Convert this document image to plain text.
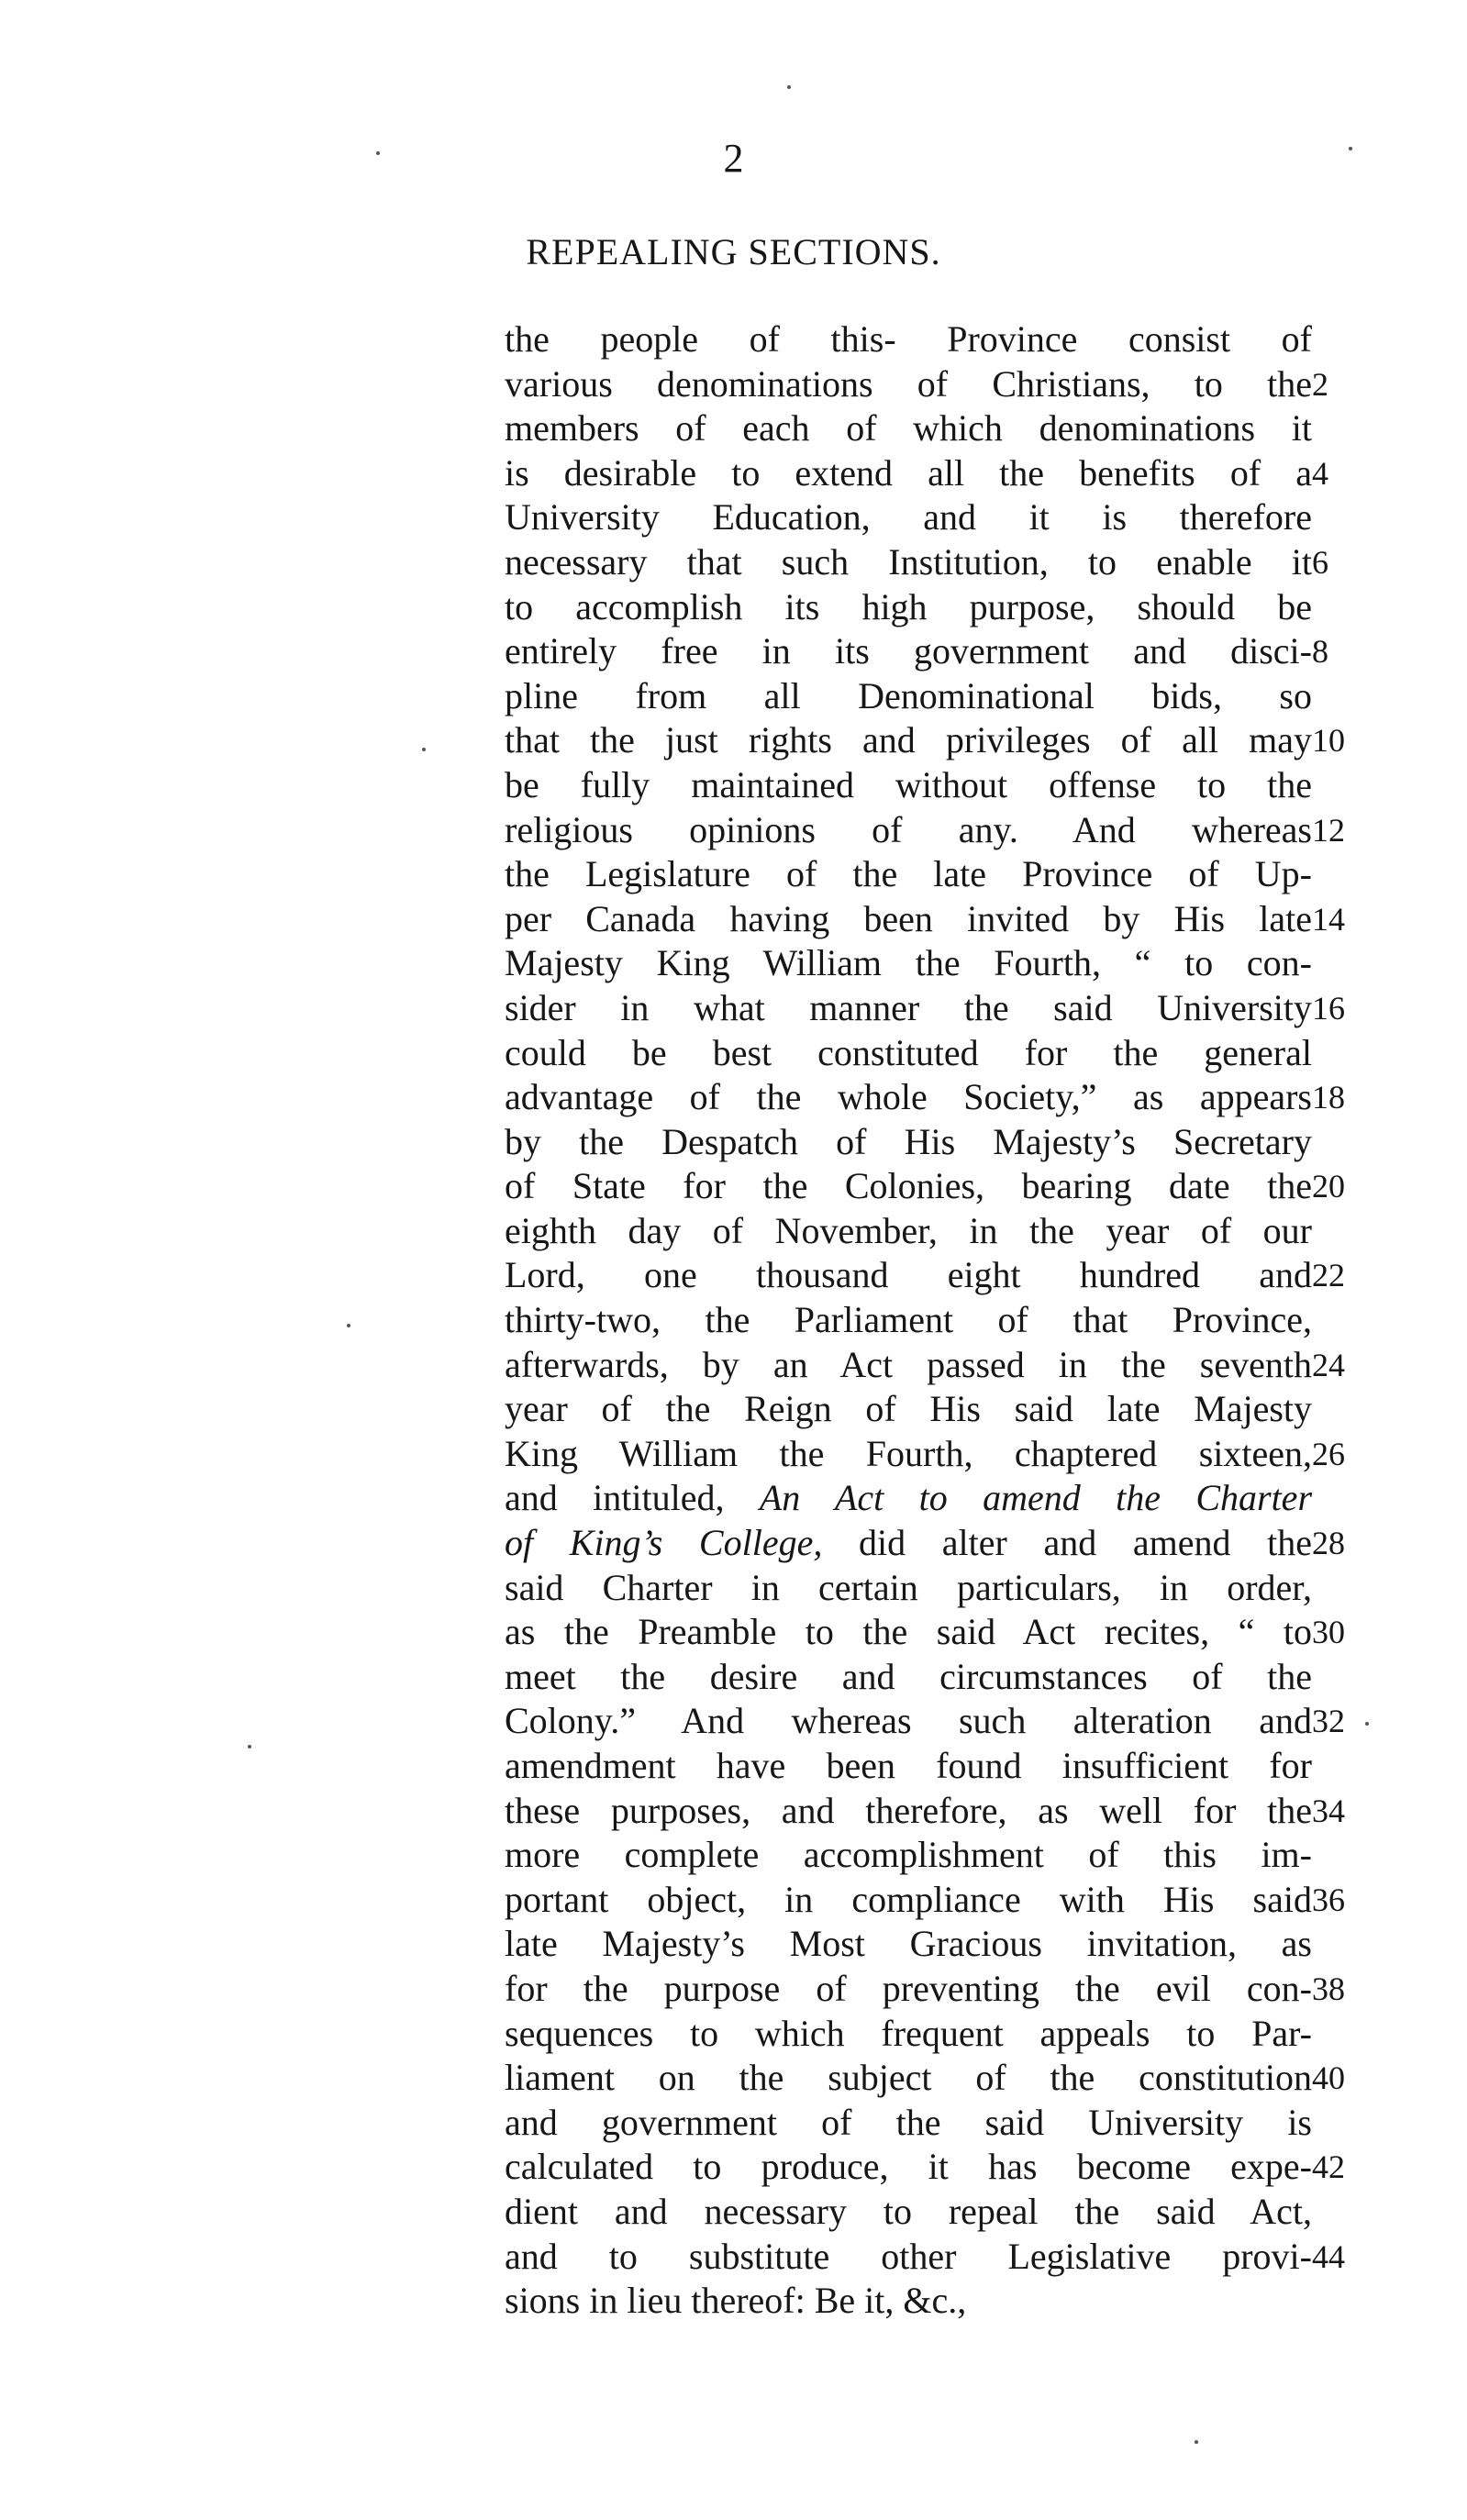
2
REPEALING SECTIONS.
the people of this- Province consist of
various denominations of Christians, to the 2
members of each of which denominations it
is desirable to extend all the benefits of a 4
University Education, and it is therefore
necessary that such Institution, to enable it 6
to accomplish its high purpose, should be
entirely free in its government and disci- 8
pline from all Denominational bids, so
that the just rights and privileges of all may 10
be fully maintained without offense to the
religious opinions of any. And whereas 12
the Legislature of the late Province of Up-
per Canada having been invited by His late 14
Majesty King William the Fourth, “ to con-
sider in what manner the said University 16
could be best constituted for the general
advantage of the whole Society,” as appears 18
by the Despatch of His Majesty’s Secretary
of State for the Colonies, bearing date the 20
eighth day of November, in the year of our
Lord, one thousand eight hundred and 22
thirty-two, the Parliament of that Province,
afterwards, by an Act passed in the seventh 24
year of the Reign of His said late Majesty
King William the Fourth, chaptered sixteen, 26
and intituled, An Act to amend the Charter
of King’s College, did alter and amend the 28
said Charter in certain particulars, in order,
as the Preamble to the said Act recites, “ to 30
meet the desire and circumstances of the
Colony.” And whereas such alteration and 32
amendment have been found insufficient for
these purposes, and therefore, as well for the 34
more complete accomplishment of this im-
portant object, in compliance with His said 36
late Majesty’s Most Gracious invitation, as
for the purpose of preventing the evil con- 38
sequences to which frequent appeals to Par-
liament on the subject of the constitution 40
and government of the said University is
calculated to produce, it has become expe- 42
dient and necessary to repeal the said Act,
and to substitute other Legislative provi- 44
sions in lieu thereof: Be it, &c.,
